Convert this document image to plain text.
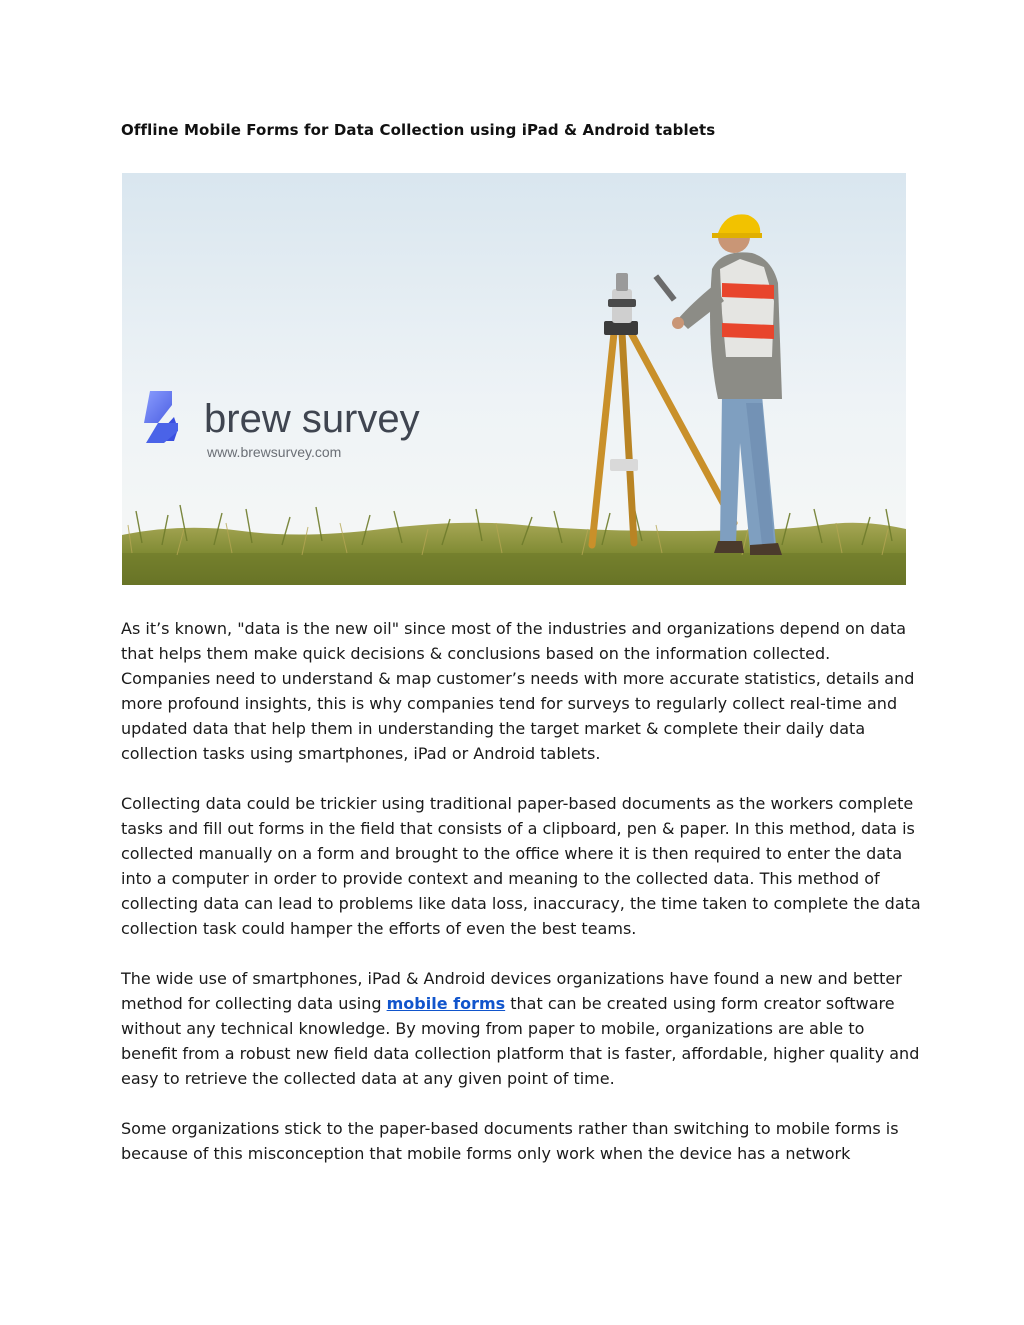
Offline Mobile Forms for Data Collection using iPad & Android tablets
brew survey
www.brewsurvey.com

As it’s known, "data is the new oil" since most of the industries and organizations depend on data that helps them make quick decisions & conclusions based on the information collected. Companies need to understand & map customer’s needs with more accurate statistics, details and more profound insights, this is why companies tend for surveys to regularly collect real-time and updated data that help them in understanding the target market & complete their daily data collection tasks using smartphones, iPad or Android tablets.

Collecting data could be trickier using traditional paper-based documents as the workers complete tasks and fill out forms in the field that consists of a clipboard, pen & paper. In this method, data is collected manually on a form and brought to the office where it is then required to enter the data into a computer in order to provide context and meaning to the collected data. This method of collecting data can lead to problems like data loss, inaccuracy, the time taken to complete the data collection task could hamper the efforts of even the best teams.

The wide use of smartphones, iPad & Android devices organizations have found a new and better method for collecting data using mobile forms that can be created using form creator software without any technical knowledge. By moving from paper to mobile, organizations are able to benefit from a robust new field data collection platform that is faster, affordable, higher quality and easy to retrieve the collected data at any given point of time.

Some organizations stick to the paper-based documents rather than switching to mobile forms is because of this misconception that mobile forms only work when the device has a network
